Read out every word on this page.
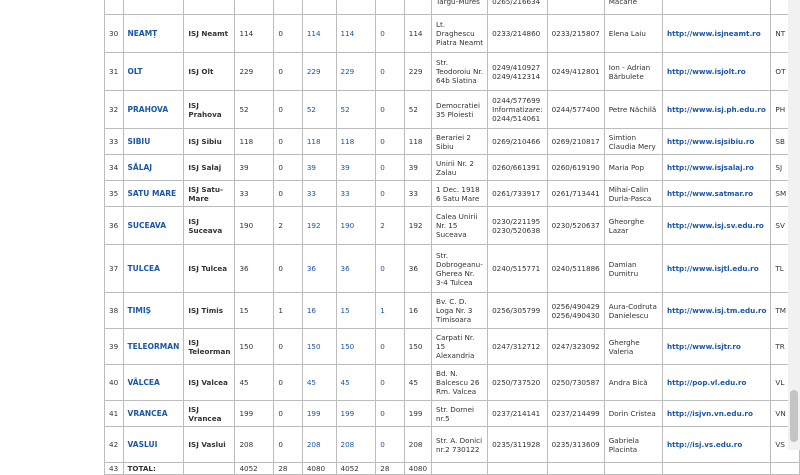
									Targu-Mures	0265/216634		Macarie		
30	NEAMȚ	ISJ Neamt	114	0	114	114	0	114	Lt. Draghescu Piatra Neamt	0233/214860	0233/215807	Elena Laiu	http://www.isjneamt.ro	NT
31	OLT	ISJ Olt	229	0	229	229	0	229	Str. Teodoroiu Nr. 64b Slatina	0249/410927 0249/412314	0249/412801	Ion - Adrian Bărbulete	http://www.isjolt.ro	OT
32	PRAHOVA	ISJ Prahova	52	0	52	52	0	52	Democratiei 35 Ploiesti	0244/577699 Informatizare: 0244/514061	0244/577400	Petre Năchilă	http://www.isj.ph.edu.ro	PH
33	SIBIU	ISJ Sibiu	118	0	118	118	0	118	Berariei 2 Sibiu	0269/210466	0269/210817	Simtion Claudia Mery	http://www.isjsibiu.ro	SB
34	SĂLAJ	ISJ Salaj	39	0	39	39	0	39	Unirii Nr. 2 Zalau	0260/661391	0260/619190	Maria Pop	http://www.isjsalaj.ro	SJ
35	SATU MARE	ISJ Satu-Mare	33	0	33	33	0	33	1 Dec. 1918 6 Satu Mare	0261/733917	0261/713441	Mihai-Calin Durla-Pasca	http://www.satmar.ro	SM
36	SUCEAVA	ISJ Suceava	190	2	192	190	2	192	Calea Unirii Nr. 15 Suceava	0230/221195 0230/520638	0230/520637	Gheorghe Lazar	http://www.isj.sv.edu.ro	SV
37	TULCEA	ISJ Tulcea	36	0	36	36	0	36	Str. Dobrogeanu-Gherea Nr. 3-4 Tulcea	0240/515771	0240/511886	Damian Dumitru	http://www.isjtl.edu.ro	TL
38	TIMIȘ	ISJ Timis	15	1	16	15	1	16	Bv. C. D. Loga Nr. 3 Timisoara	0256/305799	0256/490429 0256/490430	Aura-Codruta Danielescu	http://www.isj.tm.edu.ro	TM
39	TELEORMAN	ISJ Teleorman	150	0	150	150	0	150	Carpati Nr. 15 Alexandria	0247/312712	0247/323092	Gherghe Valeria	http://www.isjtr.ro	TR
40	VÂLCEA	ISJ Valcea	45	0	45	45	0	45	Bd. N. Balcescu 26 Rm. Valcea	0250/737520	0250/730587	Andra Bică	http://pop.vl.edu.ro	VL
41	VRANCEA	ISJ Vrancea	199	0	199	199	0	199	Str. Dornei nr.5	0237/214141	0237/214499	Dorin Cristea	http://isjvn.vn.edu.ro	VN
42	VASLUI	ISJ Vaslui	208	0	208	208	0	208	Str. A. Donici nr.2 730122	0235/311928	0235/313609	Gabriela Placinta	http://isj.vs.edu.ro	VS
43	TOTAL:		4052	28	4080	4052	28	4080						
